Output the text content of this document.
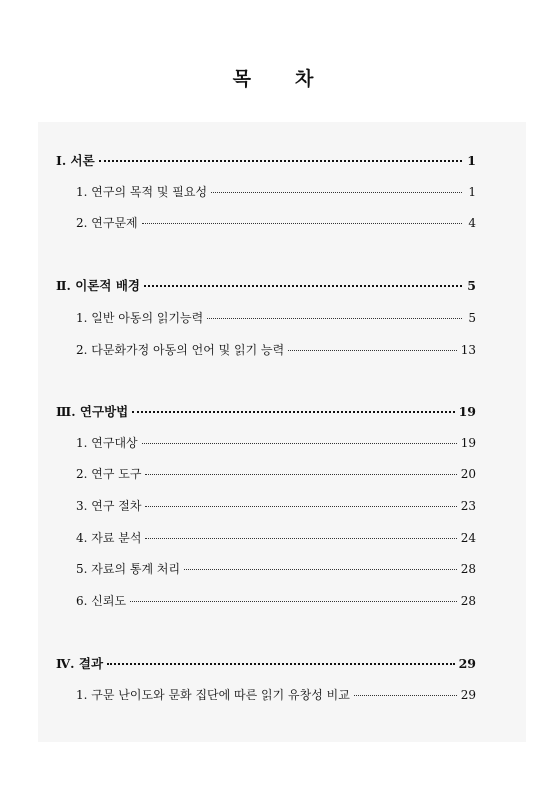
목 차
Ⅰ. 서론	1
1. 연구의 목적 및 필요성	1
2. 연구문제	4
Ⅱ. 이론적 배경	5
1. 일반 아동의 읽기능력	5
2. 다문화가정 아동의 언어 및 읽기 능력	13
Ⅲ. 연구방법	19
1. 연구대상	19
2. 연구 도구	20
3. 연구 절차	23
4. 자료 분석	24
5. 자료의 통계 처리	28
6. 신뢰도	28
Ⅳ. 결과	29
1. 구문 난이도와 문화 집단에 따른 읽기 유창성 비교	29
